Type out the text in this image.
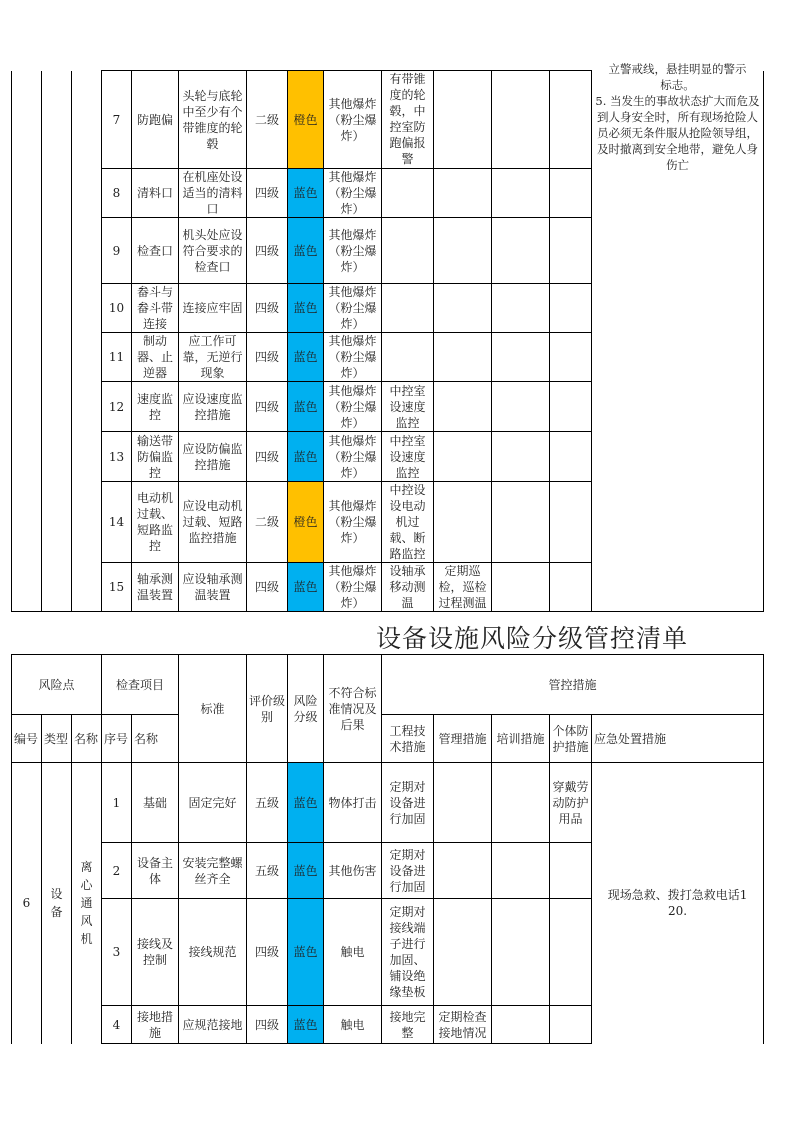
			7	防跑偏	头轮与底轮中至少有个带锥度的轮毂	二级	橙色	其他爆炸（粉尘爆炸）	有带锥度的轮毂，中控室防跑偏报警				立警戒线，悬挂明显的警示
标志。
5. 当发生的事故状态扩大而危及到人身安全时，所有现场抢险人员必须无条件服从抢险领导组，及时撤离到安全地带，避免人身伤亡
			8	清料口	在机座处设适当的清料口	四级	蓝色	其他爆炸（粉尘爆炸）					
			9	检查口	机头处应设符合要求的检查口	四级	蓝色	其他爆炸（粉尘爆炸）					
			10	畚斗与畚斗带连接	连接应牢固	四级	蓝色	其他爆炸（粉尘爆炸）					
			11	制动器、止逆器	应工作可靠，无逆行现象	四级	蓝色	其他爆炸（粉尘爆炸）					
			12	速度监控	应设速度监控措施	四级	蓝色	其他爆炸（粉尘爆炸）	中控室设速度监控				
			13	输送带防偏监控	应设防偏监控措施	四级	蓝色	其他爆炸（粉尘爆炸）	中控室设速度监控				
			14	电动机过载、短路监控	应设电动机过载、短路监控措施	二级	橙色	其他爆炸（粉尘爆炸）	中控设设电动机过载、断路监控				
			15	轴承测温装置	应设轴承测温装置	四级	蓝色	其他爆炸（粉尘爆炸）	设轴承移动测温	定期巡检，巡检过程测温			
设备设施风险分级管控清单
风险点			检查项目		标准	评价级别	风险分级	不符合标准情况及后果	管控措施				
编号	类型	名称	序号	名称					工程技术措施	管理措施	培训措施	个体防护措施	应急处置措施
6	设备	离心通风机	1	基础	固定完好	五级	蓝色	物体打击	定期对设备进行加固			穿戴劳动防护用品	现场急救、拨打急救电话120.
			2	设备主体	安装完整螺丝齐全	五级	蓝色	其他伤害	定期对设备进行加固				
			3	接线及控制	接线规范	四级	蓝色	触电	定期对接线端子进行加固、铺设绝缘垫板				
			4	接地措施	应规范接地	四级	蓝色	触电	接地完整	定期检查接地情况			
